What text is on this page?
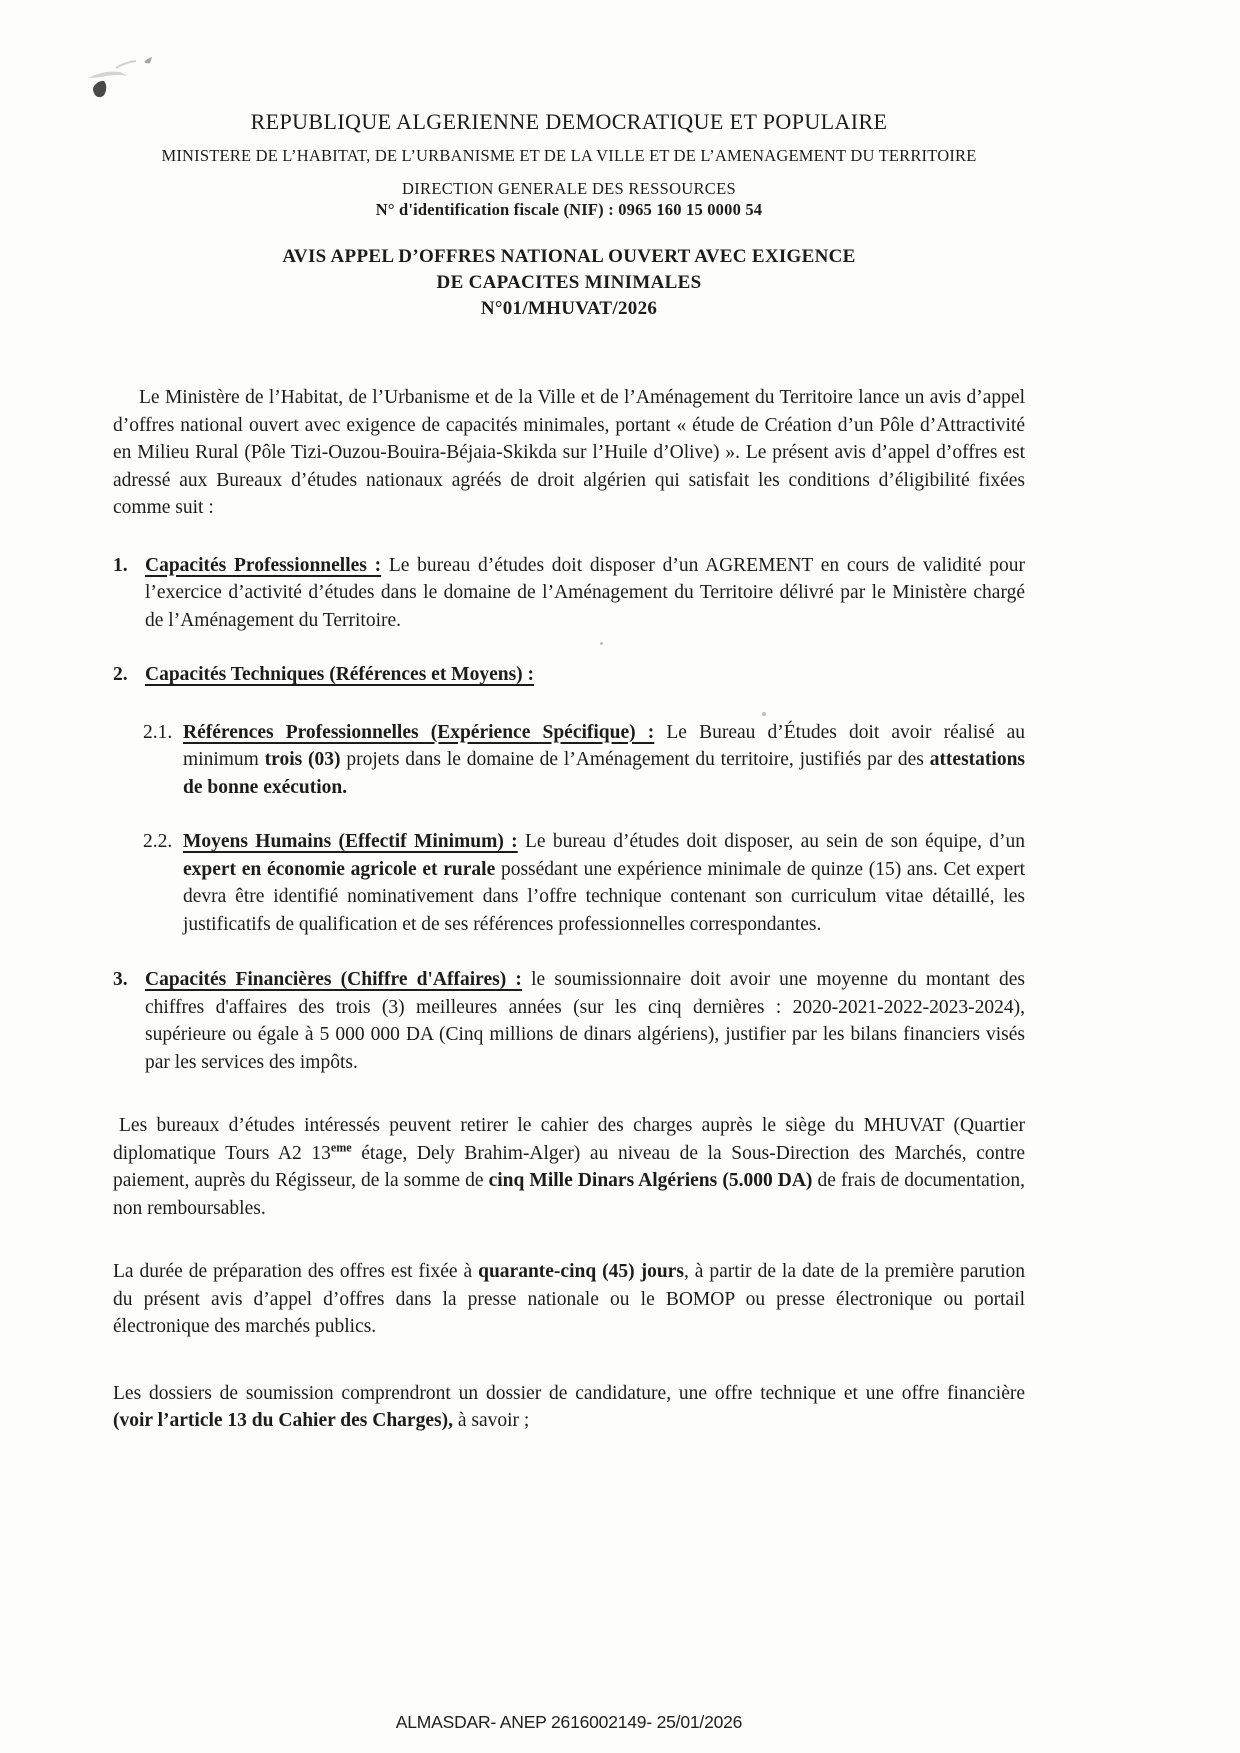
REPUBLIQUE ALGERIENNE DEMOCRATIQUE ET POPULAIRE
MINISTERE DE L’HABITAT, DE L’URBANISME ET DE LA VILLE ET DE L’AMENAGEMENT DU TERRITOIRE
DIRECTION GENERALE DES RESSOURCES
N° d'identification fiscale (NIF) : 0965 160 15 0000 54
AVIS APPEL D’OFFRES NATIONAL OUVERT AVEC EXIGENCE
DE CAPACITES MINIMALES
N°01/MHUVAT/2026

Le Ministère de l’Habitat, de l’Urbanisme et de la Ville et de l’Aménagement du Territoire lance un avis d’appel d’offres national ouvert avec exigence de capacités minimales, portant « étude de Création d’un Pôle d’Attractivité en Milieu Rural (Pôle Tizi-Ouzou-Bouira-Béjaia-Skikda sur l’Huile d’Olive) ». Le présent avis d’appel d’offres est adressé aux Bureaux d’études nationaux agréés de droit algérien qui satisfait les conditions d’éligibilité fixées comme suit :

1. Capacités Professionnelles : Le bureau d’études doit disposer d’un AGREMENT en cours de validité pour l’exercice d’activité d’études dans le domaine de l’Aménagement du Territoire délivré par le Ministère chargé de l’Aménagement du Territoire.
2. Capacités Techniques (Références et Moyens) :
2.1. Références Professionnelles (Expérience Spécifique) : Le Bureau d’Études doit avoir réalisé au minimum trois (03) projets dans le domaine de l’Aménagement du territoire, justifiés par des attestations de bonne exécution.
2.2. Moyens Humains (Effectif Minimum) : Le bureau d’études doit disposer, au sein de son équipe, d’un expert en économie agricole et rurale possédant une expérience minimale de quinze (15) ans. Cet expert devra être identifié nominativement dans l’offre technique contenant son curriculum vitae détaillé, les justificatifs de qualification et de ses références professionnelles correspondantes.
3. Capacités Financières (Chiffre d'Affaires) : le soumissionnaire doit avoir une moyenne du montant des chiffres d'affaires des trois (3) meilleures années (sur les cinq dernières : 2020-2021-2022-2023-2024), supérieure ou égale à 5 000 000 DA (Cinq millions de dinars algériens), justifier par les bilans financiers visés par les services des impôts.

Les bureaux d’études intéressés peuvent retirer le cahier des charges auprès le siège du MHUVAT (Quartier diplomatique Tours A2 13eme étage, Dely Brahim-Alger) au niveau de la Sous-Direction des Marchés, contre paiement, auprès du Régisseur, de la somme de cinq Mille Dinars Algériens (5.000 DA) de frais de documentation, non remboursables.

La durée de préparation des offres est fixée à quarante-cinq (45) jours, à partir de la date de la première parution du présent avis d’appel d’offres dans la presse nationale ou le BOMOP ou presse électronique ou portail électronique des marchés publics.

Les dossiers de soumission comprendront un dossier de candidature, une offre technique et une offre financière (voir l’article 13 du Cahier des Charges), à savoir ;

ALMASDAR- ANEP 2616002149- 25/01/2026
